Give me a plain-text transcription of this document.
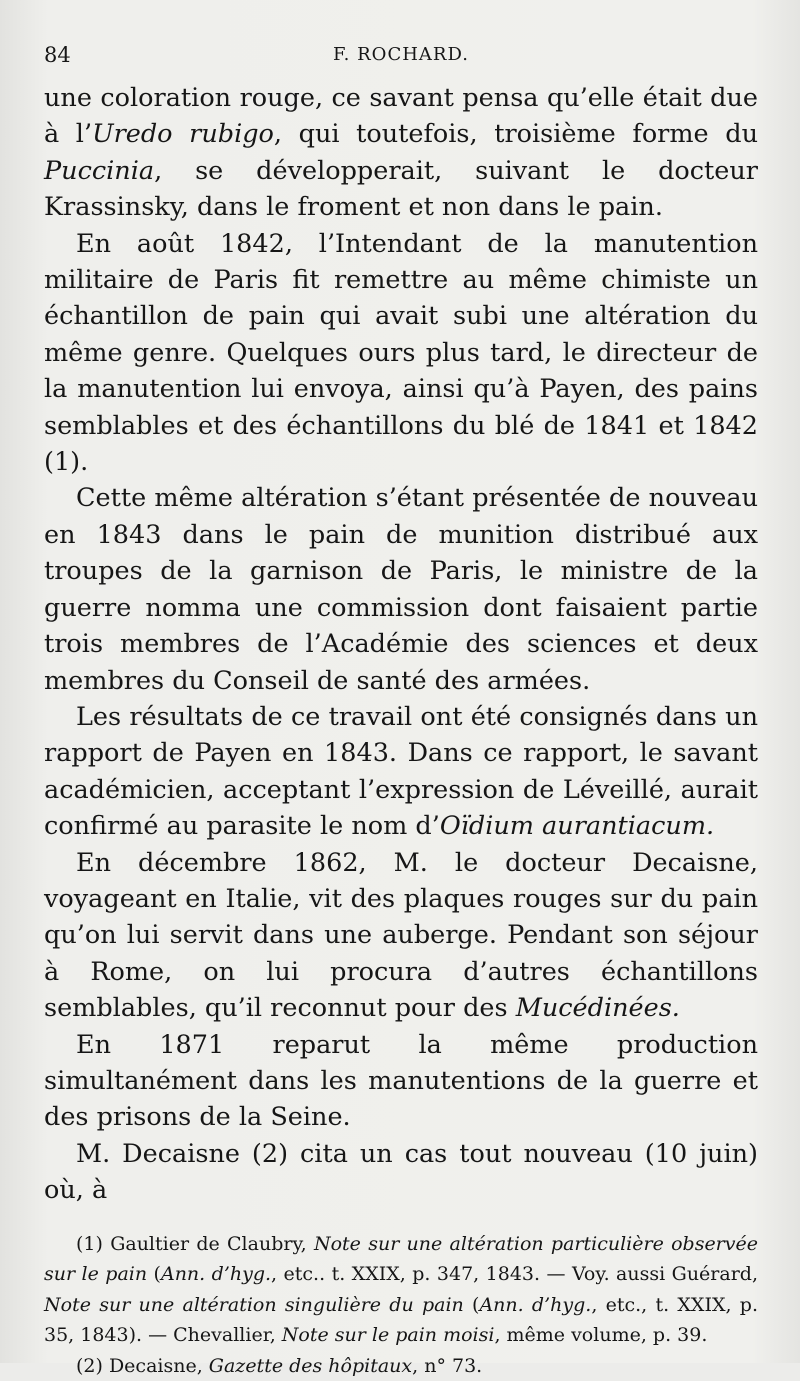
84	F. ROCHARD.

une coloration rouge, ce savant pensa qu’elle était due à l’Uredo rubigo, qui toutefois, troisième forme du Puccinia, se développerait, suivant le docteur Krassinsky, dans le froment et non dans le pain.

En août 1842, l’Intendant de la manutention militaire de Paris fit remettre au même chimiste un échantillon de pain qui avait subi une altération du même genre. Quelques ours plus tard, le directeur de la manutention lui envoya, ainsi qu’à Payen, des pains semblables et des échantillons du blé de 1841 et 1842 (1).

Cette même altération s’étant présentée de nouveau en 1843 dans le pain de munition distribué aux troupes de la garnison de Paris, le ministre de la guerre nomma une commission dont faisaient partie trois membres de l’Académie des sciences et deux membres du Conseil de santé des armées.

Les résultats de ce travail ont été consignés dans un rapport de Payen en 1843. Dans ce rapport, le savant académicien, acceptant l’expression de Léveillé, aurait confirmé au parasite le nom d’Oïdium aurantiacum.

En décembre 1862, M. le docteur Decaisne, voyageant en Italie, vit des plaques rouges sur du pain qu’on lui servit dans une auberge. Pendant son séjour à Rome, on lui procura d’autres échantillons semblables, qu’il reconnut pour des Mucédinées.

En 1871 reparut la même production simultanément dans les manutentions de la guerre et des prisons de la Seine.

M. Decaisne (2) cita un cas tout nouveau (10 juin) où, à

(1) Gaultier de Claubry, Note sur une altération particulière observée sur le pain (Ann. d’hyg., etc.. t. XXIX, p. 347, 1843. — Voy. aussi Guérard, Note sur une altération singulière du pain (Ann. d’hyg., etc., t. XXIX, p. 35, 1843). — Chevallier, Note sur le pain moisi, même volume, p. 39.

(2) Decaisne, Gazette des hôpitaux, n° 73.
